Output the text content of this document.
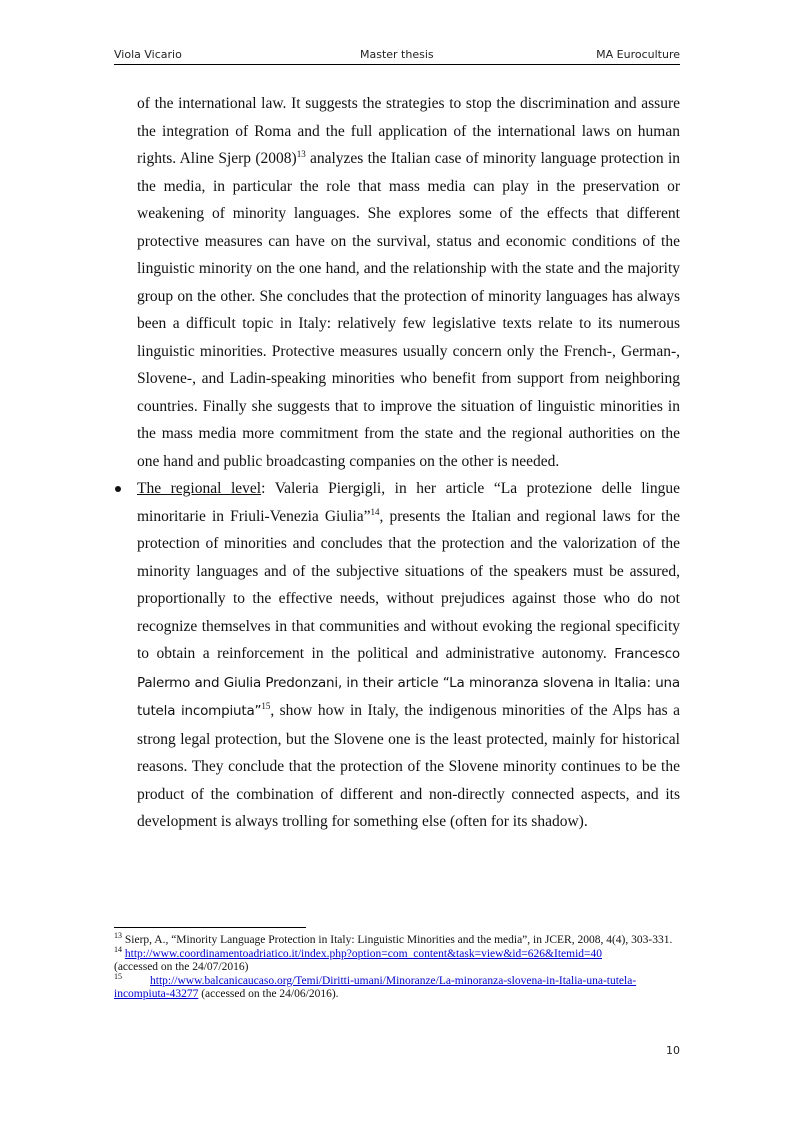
Viola Vicario	Master thesis	MA Euroculture

of the international law. It suggests the strategies to stop the discrimination and assure the integration of Roma and the full application of the international laws on human rights. Aline Sjerp $(2008)^{13}$ analyzes the Italian case of minority language protection in the media, in particular the role that mass media can play in the preservation or weakening of minority languages. She explores some of the effects that different protective measures can have on the survival, status and economic conditions of the linguistic minority on the one hand, and the relationship with the state and the majority group on the other. She concludes that the protection of minority languages has always been a difficult topic in Italy: relatively few legislative texts relate to its numerous linguistic minorities. Protective measures usually concern only the French-, German-, Slovene-, and Ladin-speaking minorities who benefit from support from neighboring countries. Finally she suggests that to improve the situation of linguistic minorities in the mass media more commitment from the state and the regional authorities on the one hand and public broadcasting companies on the other is needed.

The regional level: Valeria Piergigli, in her article “La protezione delle lingue minoritarie in Friuli-Venezia Giulia”$^{14}$, presents the Italian and regional laws for the protection of minorities and concludes that the protection and the valorization of the minority languages and of the subjective situations of the speakers must be assured, proportionally to the effective needs, without prejudices against those who do not recognize themselves in that communities and without evoking the regional specificity to obtain a reinforcement in the political and administrative autonomy. Francesco Palermo and Giulia Predonzani, in their article “La minoranza slovena in Italia: una tutela incompiuta”$^{15}$, show how in Italy, the indigenous minorities of the Alps has a strong legal protection, but the Slovene one is the least protected, mainly for historical reasons. They conclude that the protection of the Slovene minority continues to be the product of the combination of different and non-directly connected aspects, and its development is always trolling for something else (often for its shadow).

$^{13}$ Sierp, A., “Minority Language Protection in Italy: Linguistic Minorities and the media”, in JCER, 2008, 4(4), 303-331.

$^{14}$ http://www.coordinamentoadriatico.it/index.php?option=com_content&task=view&id=626&Itemid=40
(accessed on the 24/07/2016)

$^{15}$ http://www.balcanicaucaso.org/Temi/Diritti-umani/Minoranze/La-minoranza-slovena-in-Italia-una-tutela-incompiuta-43277 (accessed on the 24/06/2016).

10
